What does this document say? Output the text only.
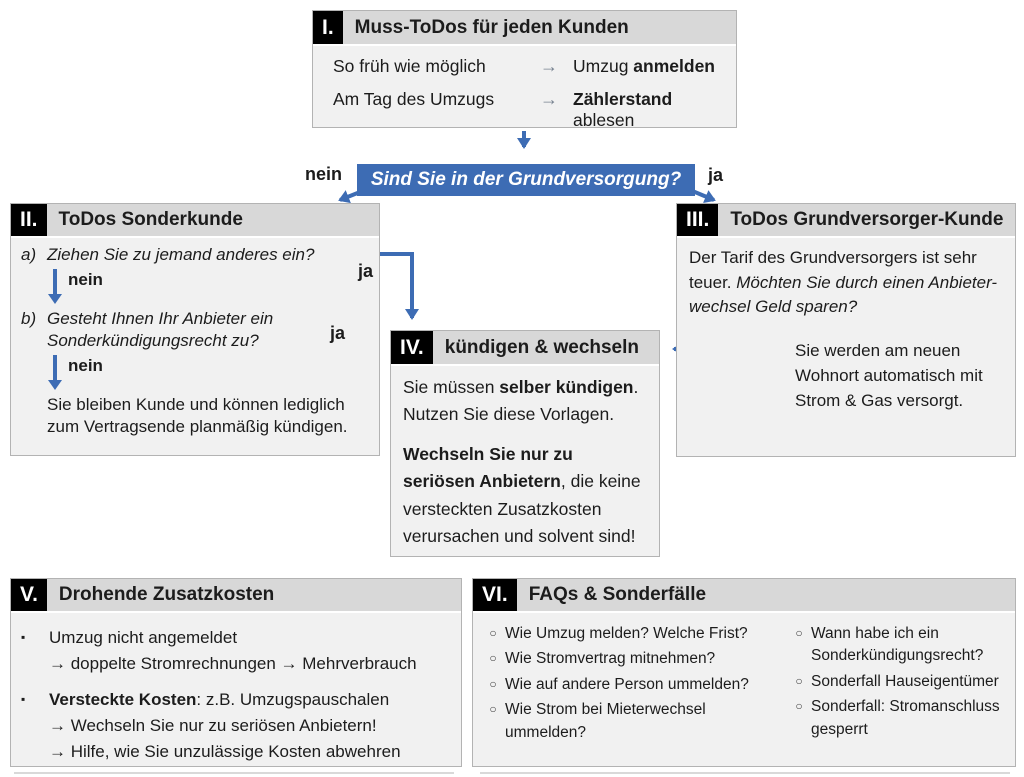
I.	Muss-ToDos für jeden Kunden
So früh wie möglich	→ Umzug anmelden
Am Tag des Umzugs	→ Zählerstand ablesen
Sind Sie in der Grundversorgung?
nein	ja
II.	ToDos Sonderkunde
a) Ziehen Sie zu jemand anderes ein?
nein
b) Gesteht Ihnen Ihr Anbieter ein Sonderkündigungsrecht zu?
nein
Sie bleiben Kunde und können lediglich zum Vertragsende planmäßig kündigen.
ja
ja
III.	ToDos Grundversorger-Kunde
Der Tarif des Grundversorgers ist sehr teuer. Möchten Sie durch einen Anbieter-wechsel Geld sparen?
Sie werden am neuen Wohnort automatisch mit Strom & Gas versorgt.
IV.	kündigen & wechseln
Sie müssen selber kündigen. Nutzen Sie diese Vorlagen.
Wechseln Sie nur zu seriösen Anbietern, die keine versteckten Zusatzkosten verursachen und solvent sind!
V.	Drohende Zusatzkosten
▪	Umzug nicht angemeldet
→ doppelte Stromrechnungen → Mehrverbrauch
▪	Versteckte Kosten: z.B. Umzugspauschalen
→ Wechseln Sie nur zu seriösen Anbietern!
→ Hilfe, wie Sie unzulässige Kosten abwehren
VI.	FAQs & Sonderfälle
○ Wie Umzug melden? Welche Frist?
○ Wie Stromvertrag mitnehmen?
○ Wie auf andere Person ummelden?
○ Wie Strom bei Mieterwechsel ummelden?
○ Wann habe ich ein Sonderkündigungsrecht?
○ Sonderfall Hauseigentümer
○ Sonderfall: Stromanschluss gesperrt
